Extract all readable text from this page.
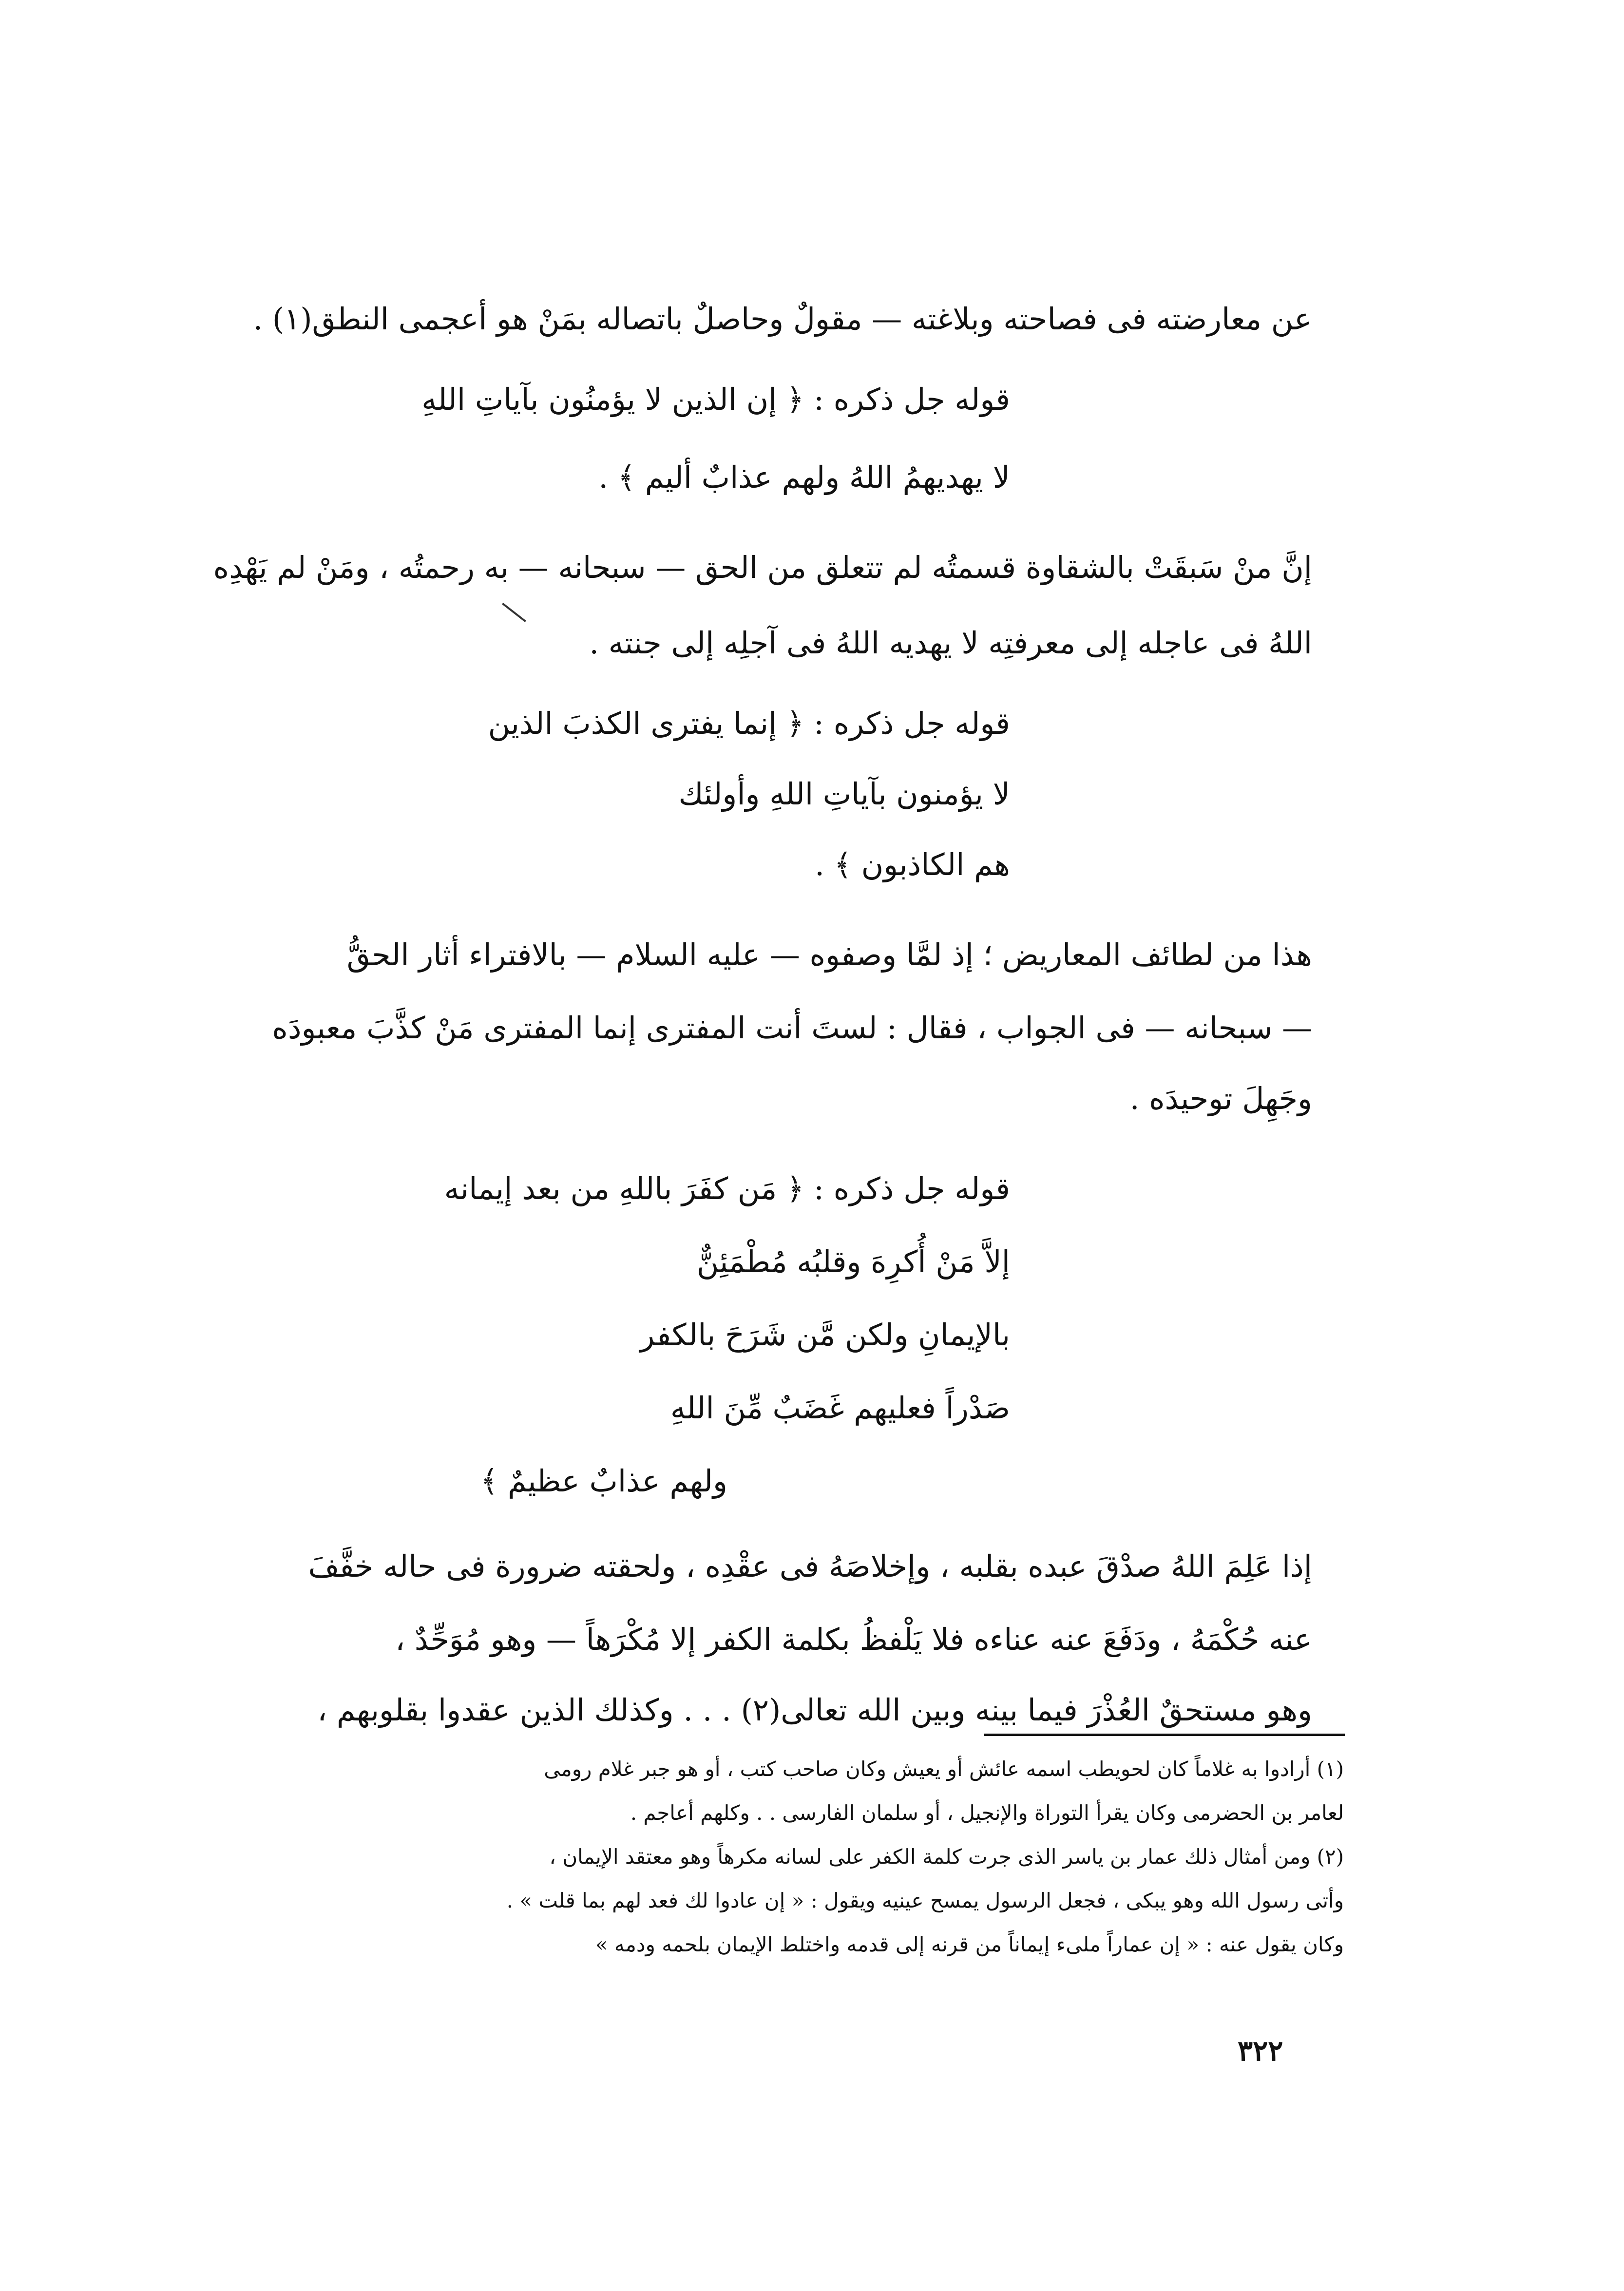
عن معارضته فى فصاحته وبلاغته — مقولٌ وحاصلٌ باتصاله بمَنْ هو أعجمى النطق(١) .
قوله جل ذكره : ﴿ إن الذين لا يؤمنُون بآياتِ اللهِ
لا يهديهمُ اللهُ ولهم عذابٌ أليم ﴾ .
إنَّ منْ سَبقَتْ بالشقاوة قسمتُه لم تتعلق من الحق — سبحانه — به رحمتُه ، ومَنْ لم يَهْدِه
اللهُ فى عاجله إلى معرفتِه لا يهديه اللهُ فى آجلِه إلى جنته .
قوله جل ذكره : ﴿ إنما يفترى الكذبَ الذين
لا يؤمنون بآياتِ اللهِ وأولئك
هم الكاذبون ﴾ .
هذا من لطائف المعاريض ؛ إذ لمَّا وصفوه — عليه السلام — بالافتراء أثار الحقُّ
— سبحانه — فى الجواب ، فقال : لستَ أنت المفترى إنما المفترى مَنْ كذَّبَ معبودَه
وجَهِلَ توحيدَه .
قوله جل ذكره : ﴿ مَن كفَرَ باللهِ من بعد إيمانه
إلاَّ مَنْ أُكرِهَ وقلبُه مُطْمَئِنٌّ
بالإيمانِ ولكن مَّن شَرَحَ بالكفر
صَدْراً فعليهم غَضَبٌ مِّنَ اللهِ
ولهم عذابٌ عظيمٌ ﴾
إذا عَلِمَ اللهُ صدْقَ عبده بقلبه ، وإخلاصَهُ فى عقْدِه ، ولحقته ضرورة فى حاله خفَّفَ
عنه حُكْمَهُ ، ودَفَعَ عنه عناءه فلا يَلْفظُ بكلمة الكفر إلا مُكْرَهاً — وهو مُوَحِّدٌ ،
وهو مستحقٌ العُذْرَ فيما بينه وبين الله تعالى(٢) . . . وكذلك الذين عقدوا بقلوبهم ،
(١) أرادوا به غلاماً كان لحويطب اسمه عائش أو يعيش وكان صاحب كتب ، أو هو جبر غلام رومى
لعامر بن الحضرمى وكان يقرأ التوراة والإنجيل ، أو سلمان الفارسى . . وكلهم أعاجم .
(٢) ومن أمثال ذلك عمار بن ياسر الذى جرت كلمة الكفر على لسانه مكرهاً وهو معتقد الإيمان ،
وأتى رسول الله وهو يبكى ، فجعل الرسول يمسح عينيه ويقول : « إن عادوا لك فعد لهم بما قلت » .
وكان يقول عنه : « إن عماراً ملىء إيماناً من قرنه إلى قدمه واختلط الإيمان بلحمه ودمه »
٣٢٢
